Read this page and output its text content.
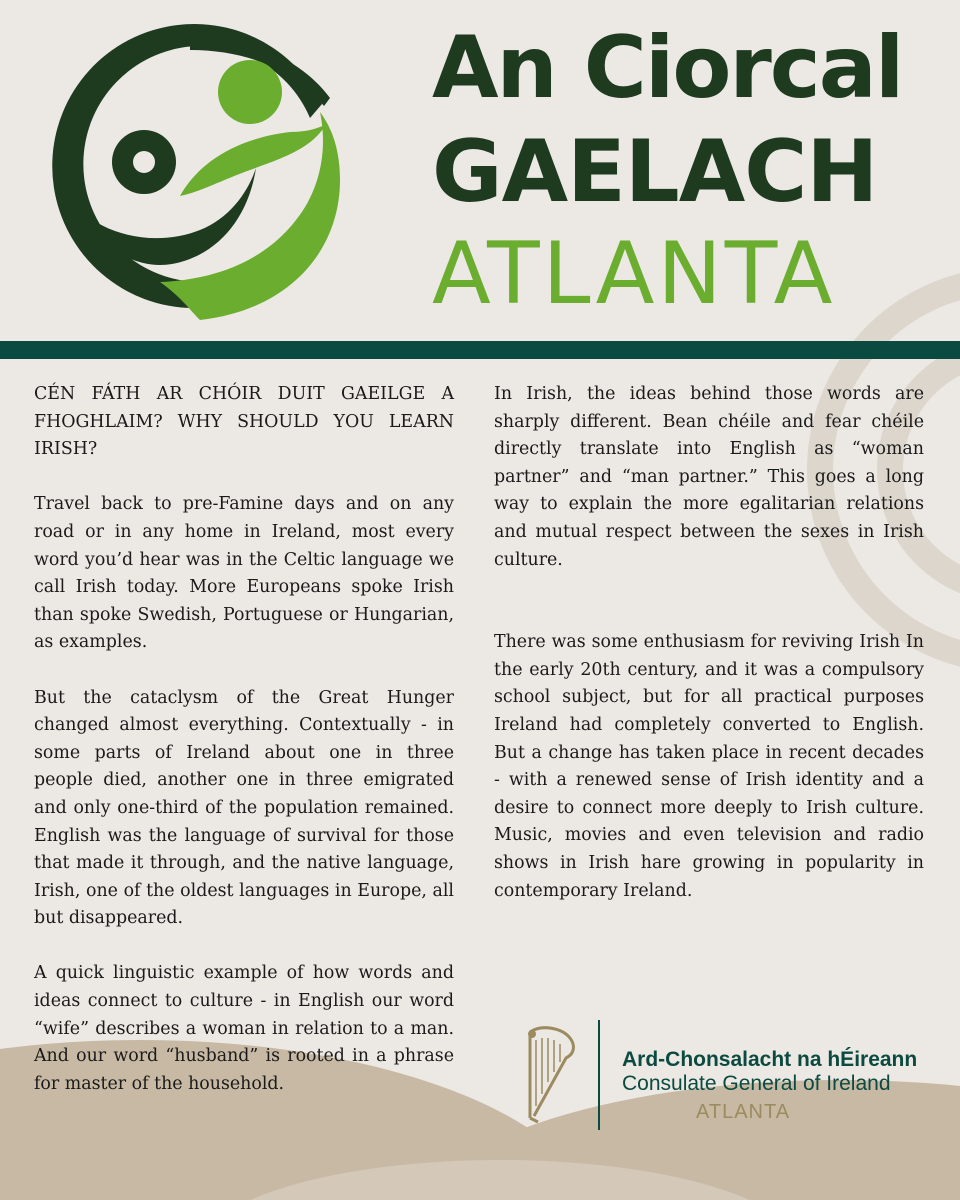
An Ciorcal

GAELACH

ATLANTA

CÉN FÁTH AR CHÓIR DUIT GAEILGE A FHOGHLAIM? WHY SHOULD YOU LEARN IRISH?

Travel back to pre-Famine days and on any road or in any home in Ireland, most every word you’d hear was in the Celtic language we call Irish today. More Europeans spoke Irish than spoke Swedish, Portuguese or Hungarian, as examples.

But the cataclysm of the Great Hunger changed almost everything. Contextually - in some parts of Ireland about one in three people died, another one in three emigrated and only one-third of the population remained. English was the language of survival for those that made it through, and the native language, Irish, one of the oldest languages in Europe, all but disappeared.

A quick linguistic example of how words and ideas connect to culture - in English our word “wife” describes a woman in relation to a man. And our word “husband” is rooted in a phrase for master of the household.

In Irish, the ideas behind those words are sharply different. Bean chéile and fear chéile directly translate into English as “woman partner” and “man partner.” This goes a long way to explain the more egalitarian relations and mutual respect between the sexes in Irish culture.

There was some enthusiasm for reviving Irish In the early 20th century, and it was a compulsory school subject, but for all practical purposes Ireland had completely converted to English. But a change has taken place in recent decades - with a renewed sense of Irish identity and a desire to connect more deeply to Irish culture. Music, movies and even television and radio shows in Irish hare growing in popularity in contemporary Ireland.

Ard-Chonsalacht na hÉireann

Consulate General of Ireland

ATLANTA
